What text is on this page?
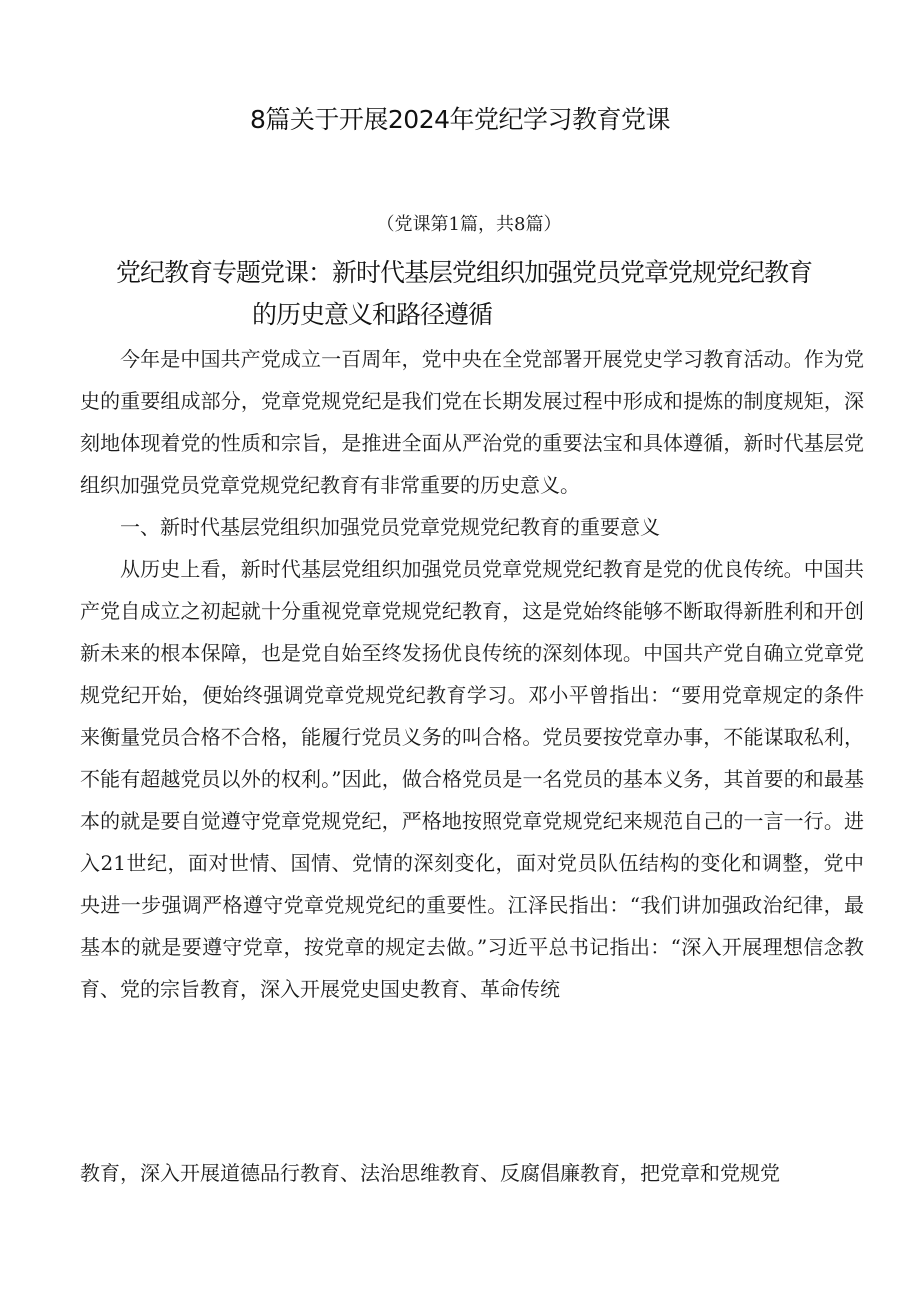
8篇关于开展2024年党纪学习教育党课
（党课第1篇，共8篇）
党纪教育专题党课：新时代基层党组织加强党员党章党规党纪教育
的历史意义和路径遵循

今年是中国共产党成立一百周年，党中央在全党部署开展党史学习教育活动。作为党史的重要组成部分，党章党规党纪是我们党在长期发展过程中形成和提炼的制度规矩，深刻地体现着党的性质和宗旨，是推进全面从严治党的重要法宝和具体遵循，新时代基层党组织加强党员党章党规党纪教育有非常重要的历史意义。

一、新时代基层党组织加强党员党章党规党纪教育的重要意义

从历史上看，新时代基层党组织加强党员党章党规党纪教育是党的优良传统。中国共产党自成立之初起就十分重视党章党规党纪教育，这是党始终能够不断取得新胜利和开创新未来的根本保障，也是党自始至终发扬优良传统的深刻体现。中国共产党自确立党章党规党纪开始，便始终强调党章党规党纪教育学习。邓小平曾指出：“要用党章规定的条件来衡量党员合格不合格，能履行党员义务的叫合格。党员要按党章办事，不能谋取私利，不能有超越党员以外的权利。”因此，做合格党员是一名党员的基本义务，其首要的和最基本的就是要自觉遵守党章党规党纪，严格地按照党章党规党纪来规范自己的一言一行。进入21世纪，面对世情、国情、党情的深刻变化，面对党员队伍结构的变化和调整，党中央进一步强调严格遵守党章党规党纪的重要性。江泽民指出：“我们讲加强政治纪律，最基本的就是要遵守党章，按党章的规定去做。”习近平总书记指出：“深入开展理想信念教育、党的宗旨教育，深入开展党史国史教育、革命传统

教育，深入开展道德品行教育、法治思维教育、反腐倡廉教育，把党章和党规党
